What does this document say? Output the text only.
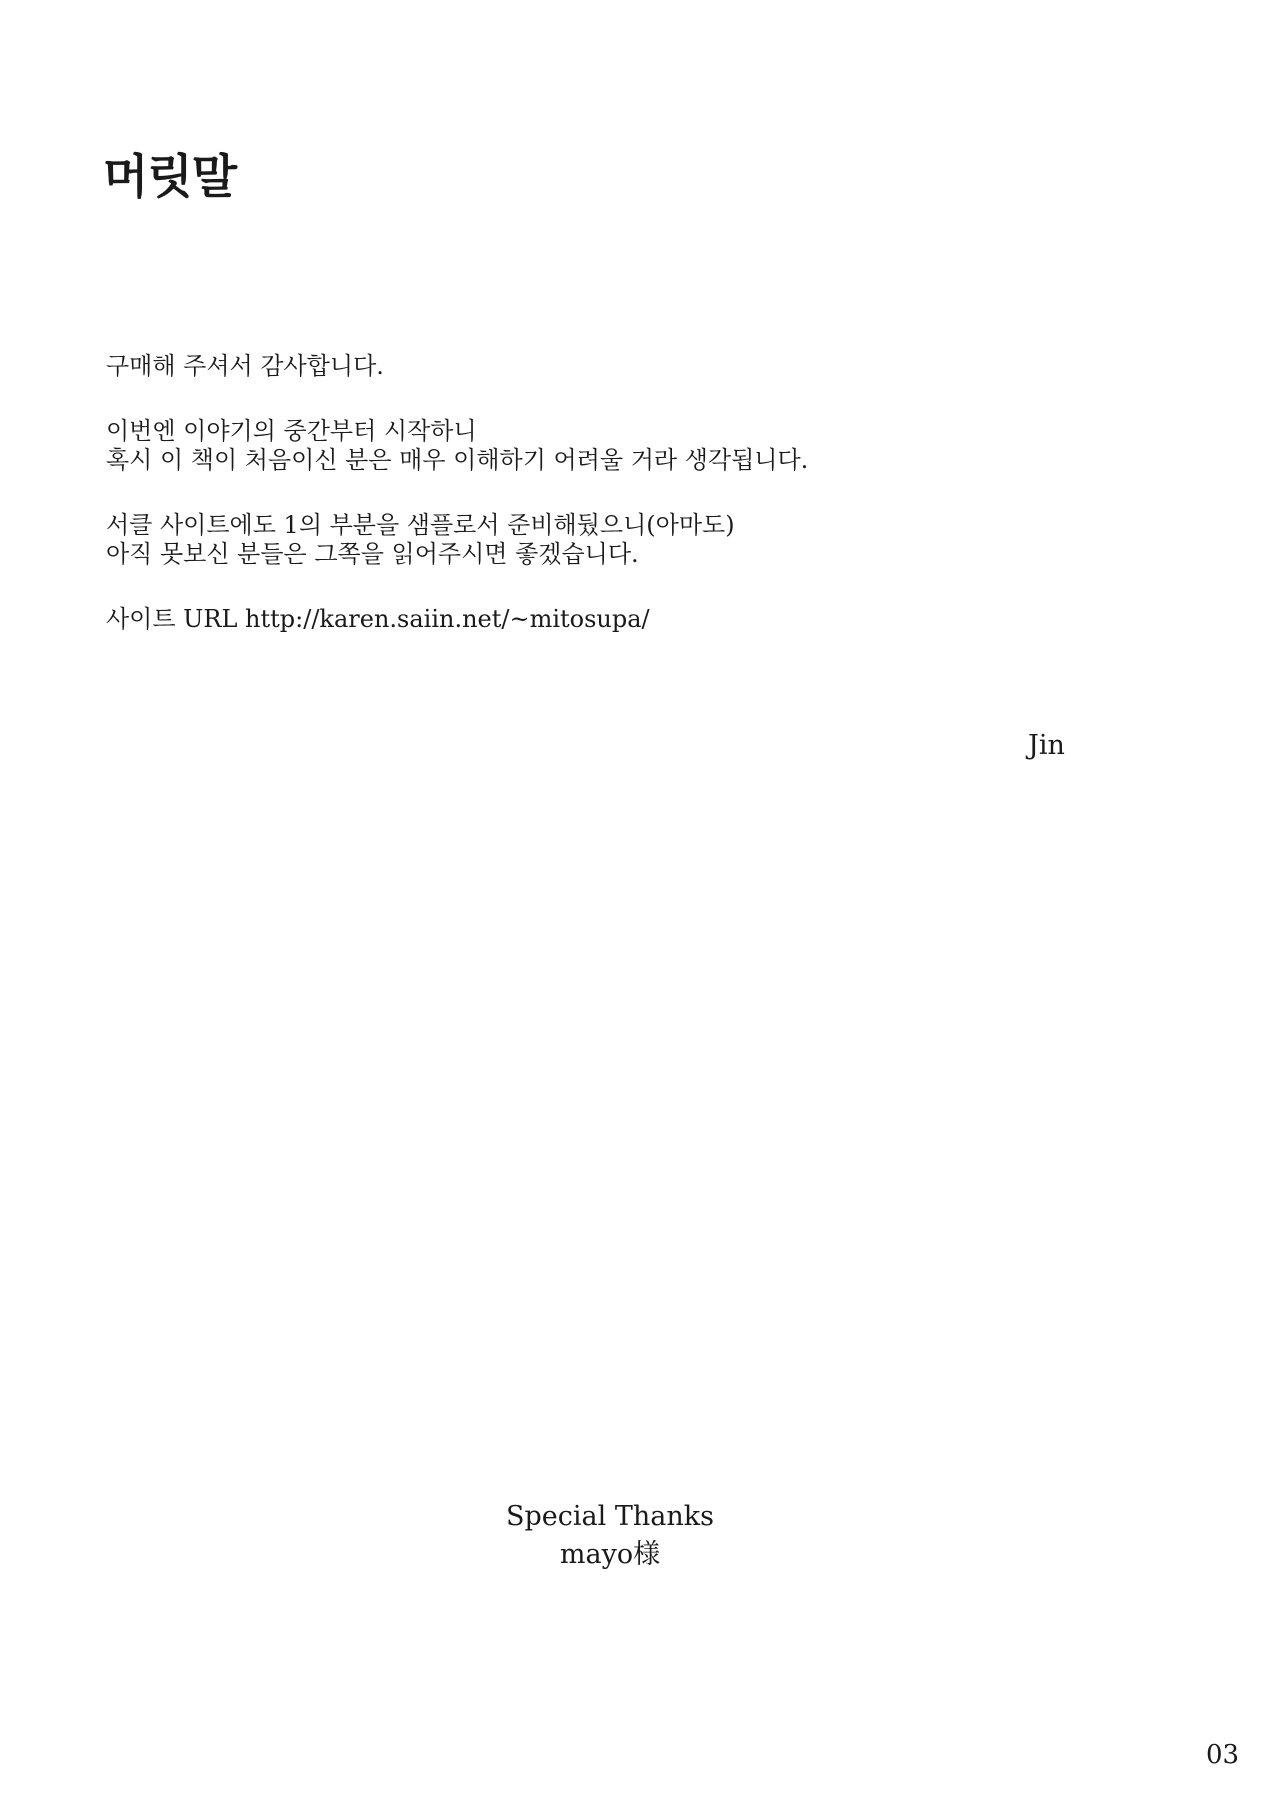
머릿말

구매해 주셔서 감사합니다.

이번엔 이야기의 중간부터 시작하니
혹시 이 책이 처음이신 분은 매우 이해하기 어려울 거라 생각됩니다.

서클 사이트에도 1의 부분을 샘플로서 준비해뒀으니(아마도)
아직 못보신 분들은 그쪽을 읽어주시면 좋겠습니다.

사이트 URL http://karen.saiin.net/~mitosupa/

Jin
Special Thanks
mayo様
03
